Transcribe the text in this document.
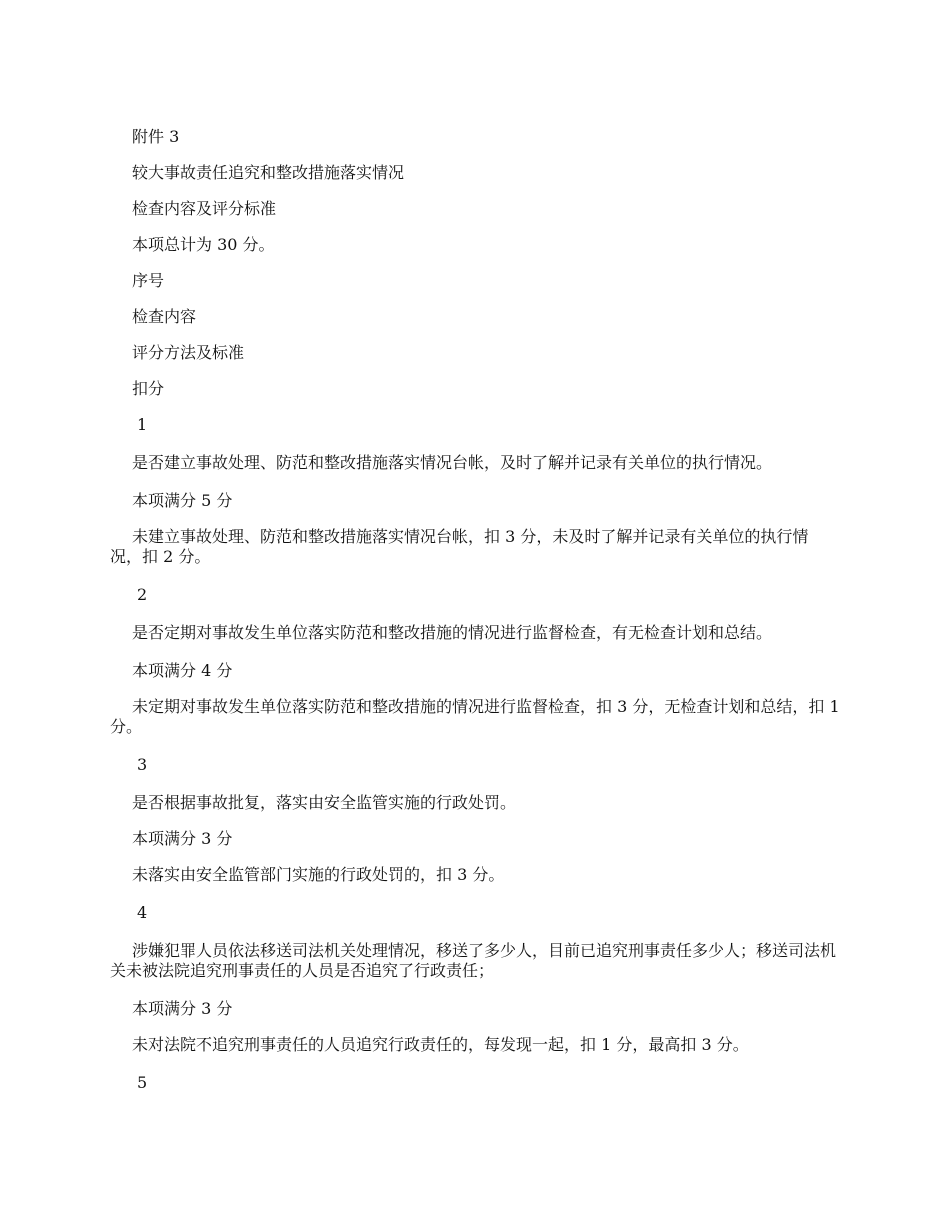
附件 3

较大事故责任追究和整改措施落实情况

检查内容及评分标准

本项总计为 30 分。

序号

检查内容

评分方法及标准

扣分

1

是否建立事故处理、防范和整改措施落实情况台帐，及时了解并记录有关单位的执行情况。

本项满分 5 分

未建立事故处理、防范和整改措施落实情况台帐，扣 3 分，未及时了解并记录有关单位的执行情况，扣 2 分。

2

是否定期对事故发生单位落实防范和整改措施的情况进行监督检查，有无检查计划和总结。

本项满分 4 分

未定期对事故发生单位落实防范和整改措施的情况进行监督检查，扣 3 分，无检查计划和总结，扣 1 分。

3

是否根据事故批复，落实由安全监管实施的行政处罚。

本项满分 3 分

未落实由安全监管部门实施的行政处罚的，扣 3 分。

4

涉嫌犯罪人员依法移送司法机关处理情况，移送了多少人，目前已追究刑事责任多少人；移送司法机关未被法院追究刑事责任的人员是否追究了行政责任；

本项满分 3 分

未对法院不追究刑事责任的人员追究行政责任的，每发现一起，扣 1 分，最高扣 3 分。

5
